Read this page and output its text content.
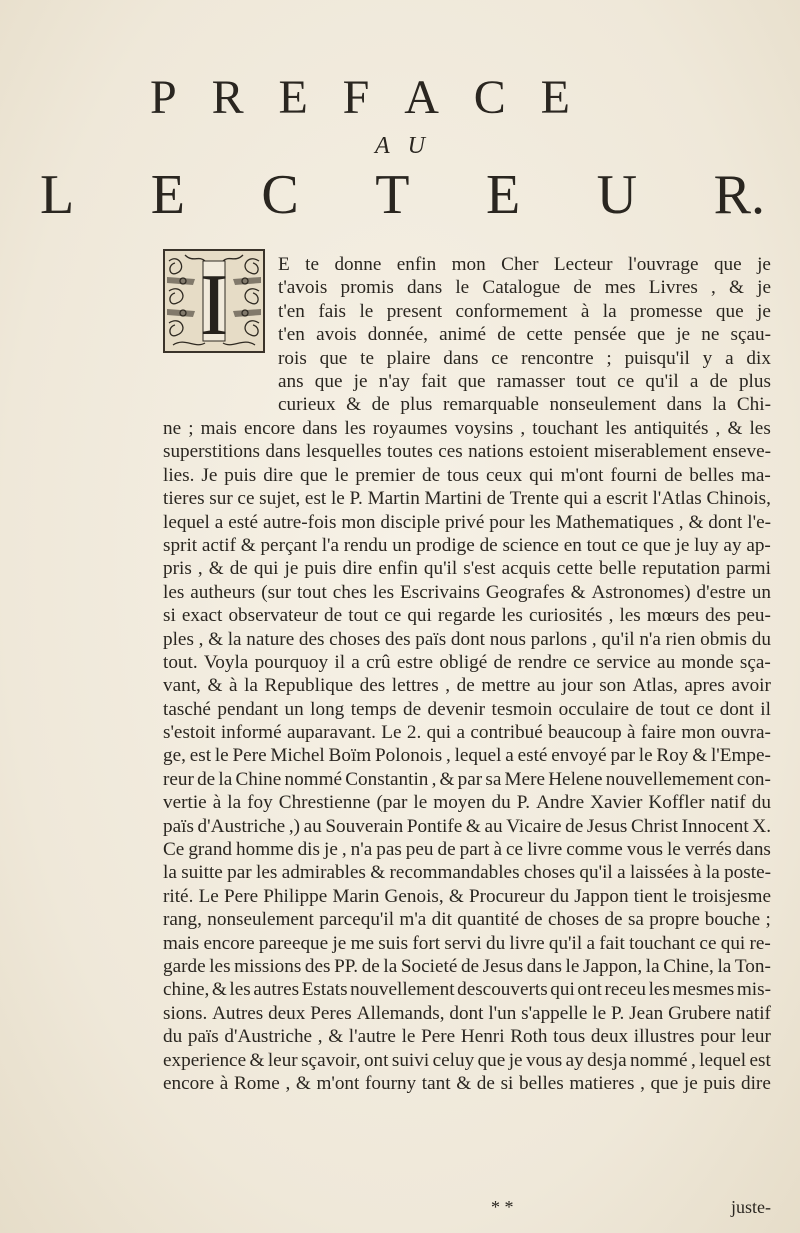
P R E F A C E
AU
L E C T E U R.
I	E te donne enfin mon Cher Lecteur l'ouvrage que je
t'avois promis dans le Catalogue de mes Livres , & je
t'en fais le present conformement à la promesse que je
t'en avois donnée, animé de cette pensée que je ne sçau-
rois que te plaire dans ce rencontre ; puisqu'il y a dix
ans que je n'ay fait que ramasser tout ce qu'il a de plus
curieux & de plus remarquable nonseulement dans la Chi-
ne ; mais encore dans les royaumes voysins , touchant les antiquités , & les
superstitions dans lesquelles toutes ces nations estoient miserablement enseve-
lies. Je puis dire que le premier de tous ceux qui m'ont fourni de belles ma-
tieres sur ce sujet, est le P. Martin Martini de Trente qui a escrit l'Atlas Chinois,
lequel a esté autre-fois mon disciple privé pour les Mathematiques , & dont l'e-
sprit actif & perçant l'a rendu un prodige de science en tout ce que je luy ay ap-
pris , & de qui je puis dire enfin qu'il s'est acquis cette belle reputation parmi
les autheurs (sur tout ches les Escrivains Geografes & Astronomes) d'estre un
si exact observateur de tout ce qui regarde les curiosités , les mœurs des peu-
ples , & la nature des choses des païs dont nous parlons , qu'il n'a rien obmis du
tout. Voyla pourquoy il a crû estre obligé de rendre ce service au monde sça-
vant, & à la Republique des lettres , de mettre au jour son Atlas, apres avoir
tasché pendant un long temps de devenir tesmoin occulaire de tout ce dont il
s'estoit informé auparavant. Le 2. qui a contribué beaucoup à faire mon ouvra-
ge, est le Pere Michel Boïm Polonois , lequel a esté envoyé par le Roy & l'Empe-
reur de la Chine nommé Constantin , & par sa Mere Helene nouvellemement con-
vertie à la foy Chrestienne (par le moyen du P. Andre Xavier Koffler natif du
païs d'Austriche ,) au Souverain Pontife & au Vicaire de Jesus Christ Innocent X.
Ce grand homme dis je , n'a pas peu de part à ce livre comme vous le verrés dans
la suitte par les admirables & recommandables choses qu'il a laissées à la poste-
rité. Le Pere Philippe Marin Genois, & Procureur du Jappon tient le troisjesme
rang, nonseulement parcequ'il m'a dit quantité de choses de sa propre bouche ;
mais encore pareeque je me suis fort servi du livre qu'il a fait touchant ce qui re-
garde les missions des PP. de la Societé de Jesus dans le Jappon, la Chine, la Ton-
chine, & les autres Estats nouvellement descouverts qui ont receu les mesmes mis-
sions. Autres deux Peres Allemands, dont l'un s'appelle le P. Jean Grubere natif
du païs d'Austriche , & l'autre le Pere Henri Roth tous deux illustres pour leur
experience & leur sçavoir, ont suivi celuy que je vous ay desja nommé , lequel est
encore à Rome , & m'ont fourny tant & de si belles matieres , que je puis dire
* *	juste-
